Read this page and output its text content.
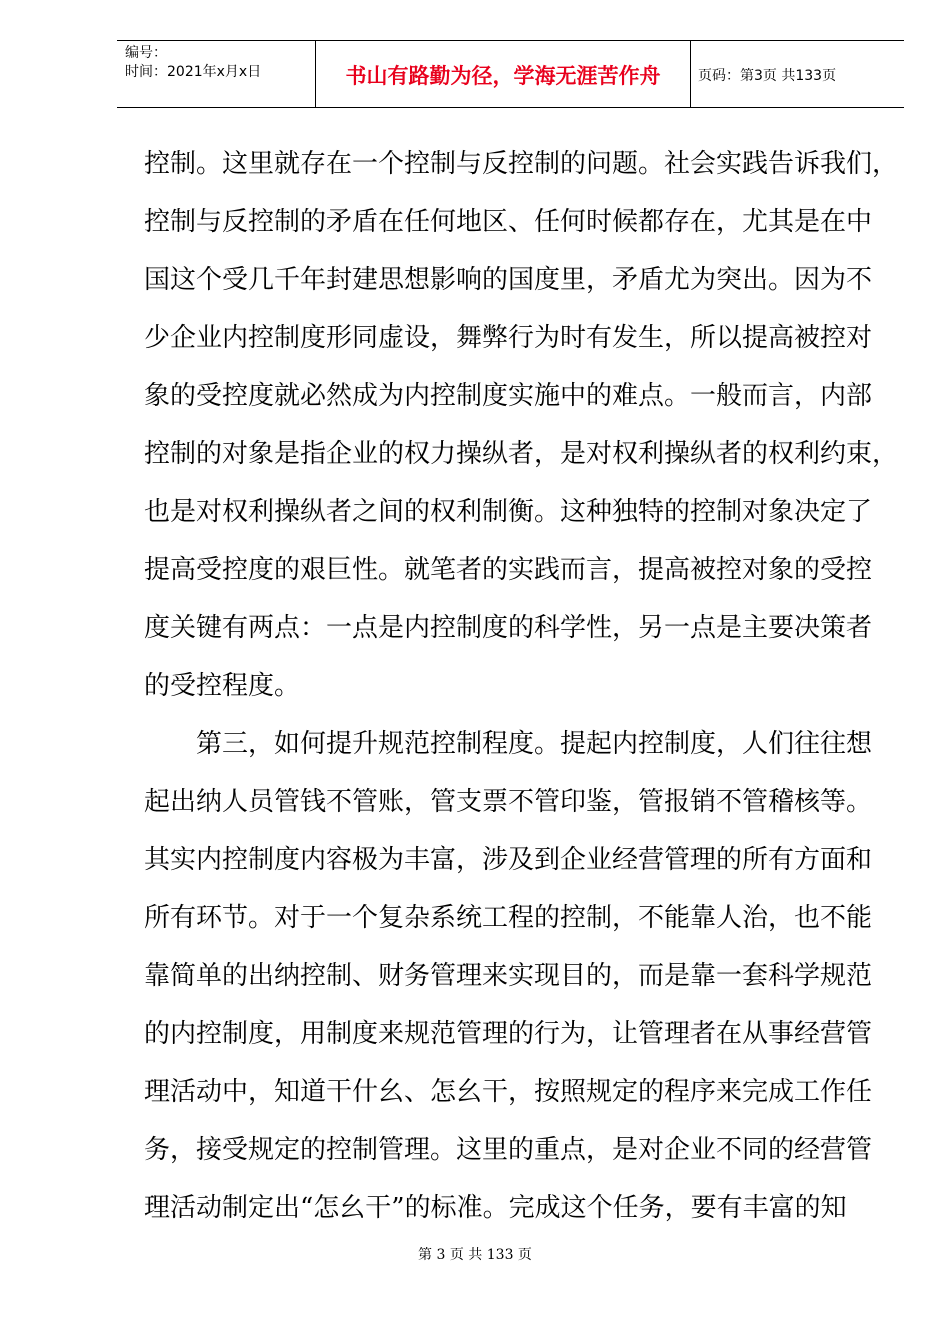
编号：
时间：2021年x月x日	书山有路勤为径，学海无涯苦作舟	页码：第3页 共133页
控制。这里就存在一个控制与反控制的问题。社会实践告诉我们，
控制与反控制的矛盾在任何地区、任何时候都存在，尤其是在中
国这个受几千年封建思想影响的国度里，矛盾尤为突出。因为不
少企业内控制度形同虚设，舞弊行为时有发生，所以提高被控对
象的受控度就必然成为内控制度实施中的难点。一般而言，内部
控制的对象是指企业的权力操纵者，是对权利操纵者的权利约束，
也是对权利操纵者之间的权利制衡。这种独特的控制对象决定了
提高受控度的艰巨性。就笔者的实践而言，提高被控对象的受控
度关键有两点：一点是内控制度的科学性，另一点是主要决策者
的受控程度。
第三，如何提升规范控制程度。提起内控制度，人们往往想
起出纳人员管钱不管账，管支票不管印鉴，管报销不管稽核等。
其实内控制度内容极为丰富，涉及到企业经营管理的所有方面和
所有环节。对于一个复杂系统工程的控制，不能靠人治，也不能
靠简单的出纳控制、财务管理来实现目的，而是靠一套科学规范
的内控制度，用制度来规范管理的行为，让管理者在从事经营管
理活动中，知道干什幺、怎幺干，按照规定的程序来完成工作任
务，接受规定的控制管理。这里的重点，是对企业不同的经营管
理活动制定出“怎幺干”的标准。完成这个任务，要有丰富的知
第 3 页 共 133 页
